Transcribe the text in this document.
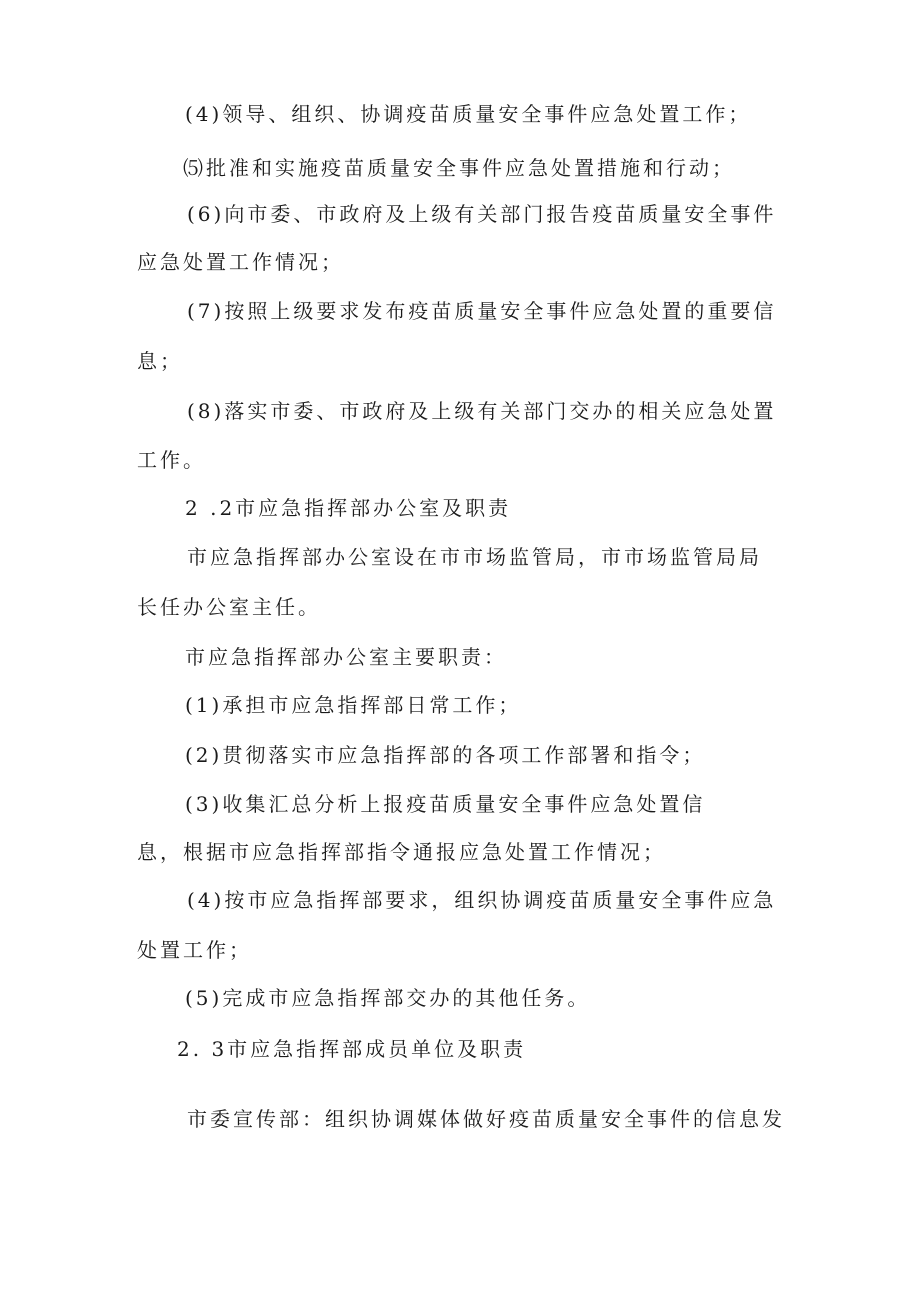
(4)领导、组织、协调疫苗质量安全事件应急处置工作；
⑸批准和实施疫苗质量安全事件应急处置措施和行动；
(6)向市委、市政府及上级有关部门报告疫苗质量安全事件
应急处置工作情况；
(7)按照上级要求发布疫苗质量安全事件应急处置的重要信
息；
(8)落实市委、市政府及上级有关部门交办的相关应急处置
工作。
2 .2市应急指挥部办公室及职责
市应急指挥部办公室设在市市场监管局，市市场监管局局
长任办公室主任。
市应急指挥部办公室主要职责：
(1)承担市应急指挥部日常工作；
(2)贯彻落实市应急指挥部的各项工作部署和指令；
(3)收集汇总分析上报疫苗质量安全事件应急处置信
息，根据市应急指挥部指令通报应急处置工作情况；
(4)按市应急指挥部要求，组织协调疫苗质量安全事件应急
处置工作；
(5)完成市应急指挥部交办的其他任务。
2. 3市应急指挥部成员单位及职责
市委宣传部：组织协调媒体做好疫苗质量安全事件的信息发
